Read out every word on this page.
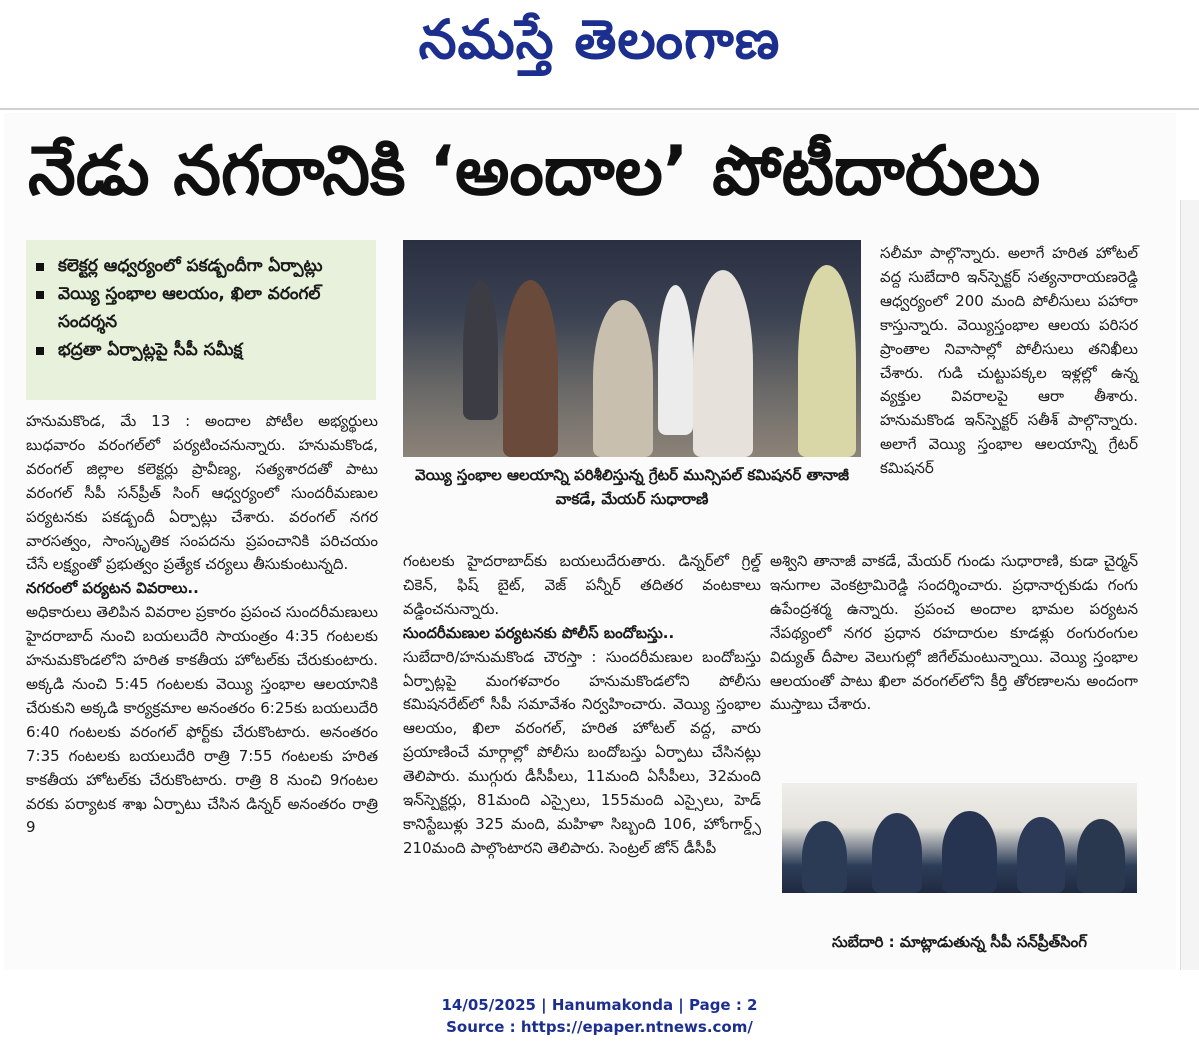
నమస్తే తెలంగాణ
నేడు నగరానికి ‘అందాల’ పోటీదారులు
కలెక్టర్ల ఆధ్వర్యంలో పకడ్బందీగా ఏర్పాట్లు
వెయ్యి స్తంభాల ఆలయం, ఖిలా వరంగల్ సందర్శన
భద్రతా ఏర్పాట్లపై సీపీ సమీక్ష
వెయ్యి స్తంభాల ఆలయాన్ని పరిశీలిస్తున్న గ్రేటర్ మున్సిపల్ కమిషనర్ తానాజీ వాకడే, మేయర్ సుధారాణి

హనుమకొండ, మే 13 : అందాల పోటీల అభ్యర్థులు బుధవారం వరంగల్‌లో పర్యటించనున్నారు. హనుమకొండ, వరంగల్ జిల్లాల కలెక్టర్లు ప్రావీణ్య, సత్యశారదతో పాటు వరంగల్ సీపీ సన్‌ప్రీత్ సింగ్ ఆధ్వర్యంలో సుందరీమణుల పర్యటనకు పకడ్బందీ ఏర్పాట్లు చేశారు. వరంగల్ నగర వారసత్వం, సాంస్కృతిక సంపదను ప్రపంచానికి పరిచయం చేసే లక్ష్యంతో ప్రభుత్వం ప్రత్యేక చర్యలు తీసుకుంటున్నది.

నగరంలో పర్యటన వివరాలు..

అధికారులు తెలిపిన వివరాల ప్రకారం ప్రపంచ సుందరీమణులు హైదరాబాద్ నుంచి బయలుదేరి సాయంత్రం 4:35 గంటలకు హనుమకొండలోని హరిత కాకతీయ హోటల్‌కు చేరుకుంటారు. అక్కడి నుంచి 5:45 గంటలకు వెయ్యి స్తంభాల ఆలయానికి చేరుకుని అక్కడి కార్యక్రమాల అనంతరం 6:25కు బయలుదేరి 6:40 గంటలకు వరంగల్ ఫోర్ట్‌కు చేరుకొంటారు. అనంతరం 7:35 గంటలకు బయలుదేరి రాత్రి 7:55 గంటలకు హరిత కాకతీయ హోటల్‌కు చేరుకొంటారు. రాత్రి 8 నుంచి 9గంటల వరకు పర్యాటక శాఖ ఏర్పాటు చేసిన డిన్నర్ అనంతరం రాత్రి 9

గంటలకు హైదరాబాద్‌కు బయలుదేరుతారు. డిన్నర్‌లో గ్రిల్డ్ చికెన్, ఫిష్ బైట్, వెజ్ పన్నీర్ తదితర వంటకాలు వడ్డించనున్నారు.

సుందరీమణుల పర్యటనకు పోలీస్ బందోబస్తు..

సుబేదారి/హనుమకొండ చౌరస్తా : సుందరీమణుల బందోబస్తు ఏర్పాట్లపై మంగళవారం హనుమకొండలోని పోలీసు కమిషనరేట్‌లో సీపీ సమావేశం నిర్వహించారు. వెయ్యి స్తంభాల ఆలయం, ఖిలా వరంగల్, హరిత హోటల్ వద్ద, వారు ప్రయాణించే మార్గాల్లో పోలీసు బందోబస్తు ఏర్పాటు చేసినట్లు తెలిపారు. ముగ్గురు డీసీపీలు, 11మంది ఏసీపీలు, 32మంది ఇన్‌స్పెక్టర్లు, 81మంది ఎస్సైలు, 155మంది ఎస్సైలు, హెడ్ కానిస్టేబుళ్లు 325 మంది, మహిళా సిబ్బంది 106, హోంగార్డ్స్ 210మంది పాల్గొంటారని తెలిపారు. సెంట్రల్ జోన్ డీసీపీ

సలీమా పాల్గొన్నారు. అలాగే హరిత హోటల్ వద్ద సుబేదారి ఇన్‌స్పెక్టర్ సత్యనారాయణరెడ్డి ఆధ్వర్యంలో 200 మంది పోలీసులు పహారా కాస్తున్నారు. వెయ్యిస్తంభాల ఆలయ పరిసర ప్రాంతాల నివాసాల్లో పోలీసులు తనిఖీలు చేశారు. గుడి చుట్టుపక్కల ఇళ్లల్లో ఉన్న వ్యక్తుల వివరాలపై ఆరా తీశారు. హనుమకొండ ఇన్‌స్పెక్టర్ సతీశ్ పాల్గొన్నారు. అలాగే వెయ్యి స్తంభాల ఆలయాన్ని గ్రేటర్ కమిషనర్

అశ్విని తానాజీ వాకడే, మేయర్ గుండు సుధారాణి, కుడా చైర్మన్ ఇనుగాల వెంకట్రామిరెడ్డి సందర్శించారు. ప్రధానార్చకుడు గంగు ఉపేంద్రశర్మ ఉన్నారు. ప్రపంచ అందాల భామల పర్యటన నేపథ్యంలో నగర ప్రధాన రహదారుల కూడళ్లు రంగురంగుల విద్యుత్ దీపాల వెలుగుల్లో జిగేల్‌మంటున్నాయి. వెయ్యి స్తంభాల ఆలయంతో పాటు ఖిలా వరంగల్‌లోని కీర్తి తోరణాలను అందంగా ముస్తాబు చేశారు.

సుబేదారి : మాట్లాడుతున్న సీపీ సన్‌ప్రీత్‌సింగ్
14/05/2025 | Hanumakonda | Page : 2
Source : https://epaper.ntnews.com/
